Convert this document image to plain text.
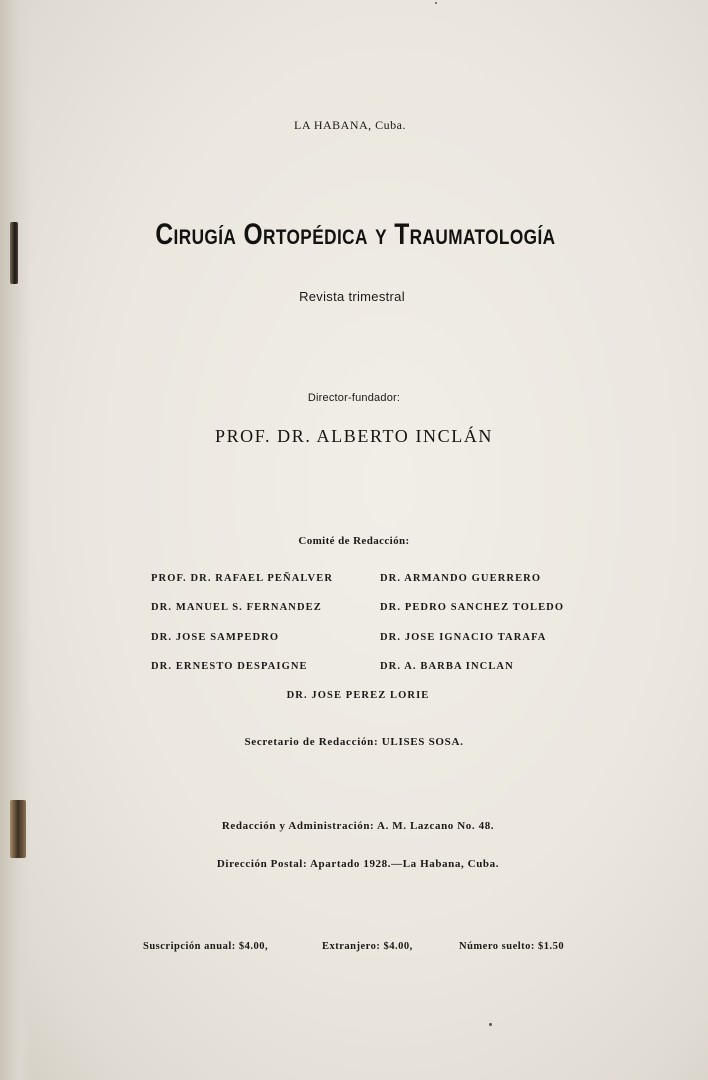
LA HABANA, Cuba.
Cirugía Ortopédica y Traumatología
Revista trimestral
Director-fundador:
PROF. DR. ALBERTO INCLÁN
Comité de Redacción:
PROF. DR. RAFAEL PEÑALVER	DR. ARMANDO GUERRERO
DR. MANUEL S. FERNANDEZ	DR. PEDRO SANCHEZ TOLEDO
DR. JOSE SAMPEDRO	DR. JOSE IGNACIO TARAFA
DR. ERNESTO DESPAIGNE	DR. A. BARBA INCLAN
DR. JOSE PEREZ LORIE
Secretario de Redacción: ULISES SOSA.
Redacción y Administración: A. M. Lazcano No. 48.
Dirección Postal: Apartado 1928.—La Habana, Cuba.
Suscripción anual: $4.00,	Extranjero: $4.00,	Número suelto: $1.50
